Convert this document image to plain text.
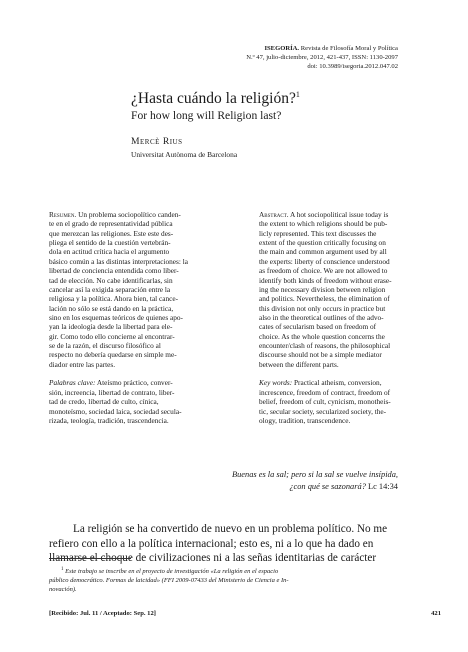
ISEGORÍA. Revista de Filosofía Moral y Política
N.º 47, julio-diciembre, 2012, 421-437, ISSN: 1130-2097
doi: 10.3989/isegoria.2012.047.02
¿Hasta cuándo la religión?$^1$
For how long will Religion last?
Mercè Rius
Universitat Autònoma de Barcelona
Resumen. Un problema sociopolítico canden-
te en el grado de representatividad pública
que merezcan las religiones. Este este des-
pliega el sentido de la cuestión vertebrán-
dola en actitud crítica hacia el argumento
básico común a las distintas interpretaciones: la
libertad de conciencia entendida como liber-
tad de elección. No cabe identificarlas, sin
cancelar así la exigida separación entre la
religiosa y la política. Ahora bien, tal cance-
lación no sólo se está dando en la práctica,
sino en los esquemas teóricos de quienes apo-
yan la ideología desde la libertad para ele-
gir. Como todo ello concierne al encontrar-
se de la razón, el discurso filosófico al
respecto no debería quedarse en simple me-
diador entre las partes.
Palabras clave: Ateísmo práctico, conver-
sión, increencia, libertad de contrato, liber-
tad de credo, libertad de culto, cínica,
monoteísmo, sociedad laica, sociedad secula-
rizada, teología, tradición, trascendencia.
Abstract. A hot sociopolitical issue today is
the extent to which religions should be pub-
licly represented. This text discusses the
extent of the question critically focusing on
the main and common argument used by all
the experts: liberty of conscience understood
as freedom of choice. We are not allowed to
identify both kinds of freedom without erase-
ing the necessary division between religion
and politics. Nevertheless, the elimination of
this division not only occurs in practice but
also in the theoretical outlines of the advo-
cates of secularism based on freedom of
choice. As the whole question concerns the
encounter/clash of reasons, the philosophical
discourse should not be a simple mediator
between the different parts.
Key words: Practical atheism, conversion,
increscence, freedom of contract, freedom of
belief, freedom of cult, cynicism, monotheis-
tic, secular society, secularized society, the-
ology, tradition, transcendence.
Buenas es la sal; pero si la sal se vuelve insípida,
¿con qué se sazonará? Lc 14:34
La religión se ha convertido de nuevo en un problema político. No me
refiero con ello a la política internacional; esto es, ni a lo que ha dado en
llamarse el choque de civilizaciones ni a las señas identitarias de carácter
$^1$ Este trabajo se inscribe en el proyecto de investigación «La religión en el espacio
público democrático. Formas de laicidad» (FFI 2009-07433 del Ministerio de Ciencia e In-
novación).
[Recibido: Jul. 11 / Aceptado: Sep. 12]	421
